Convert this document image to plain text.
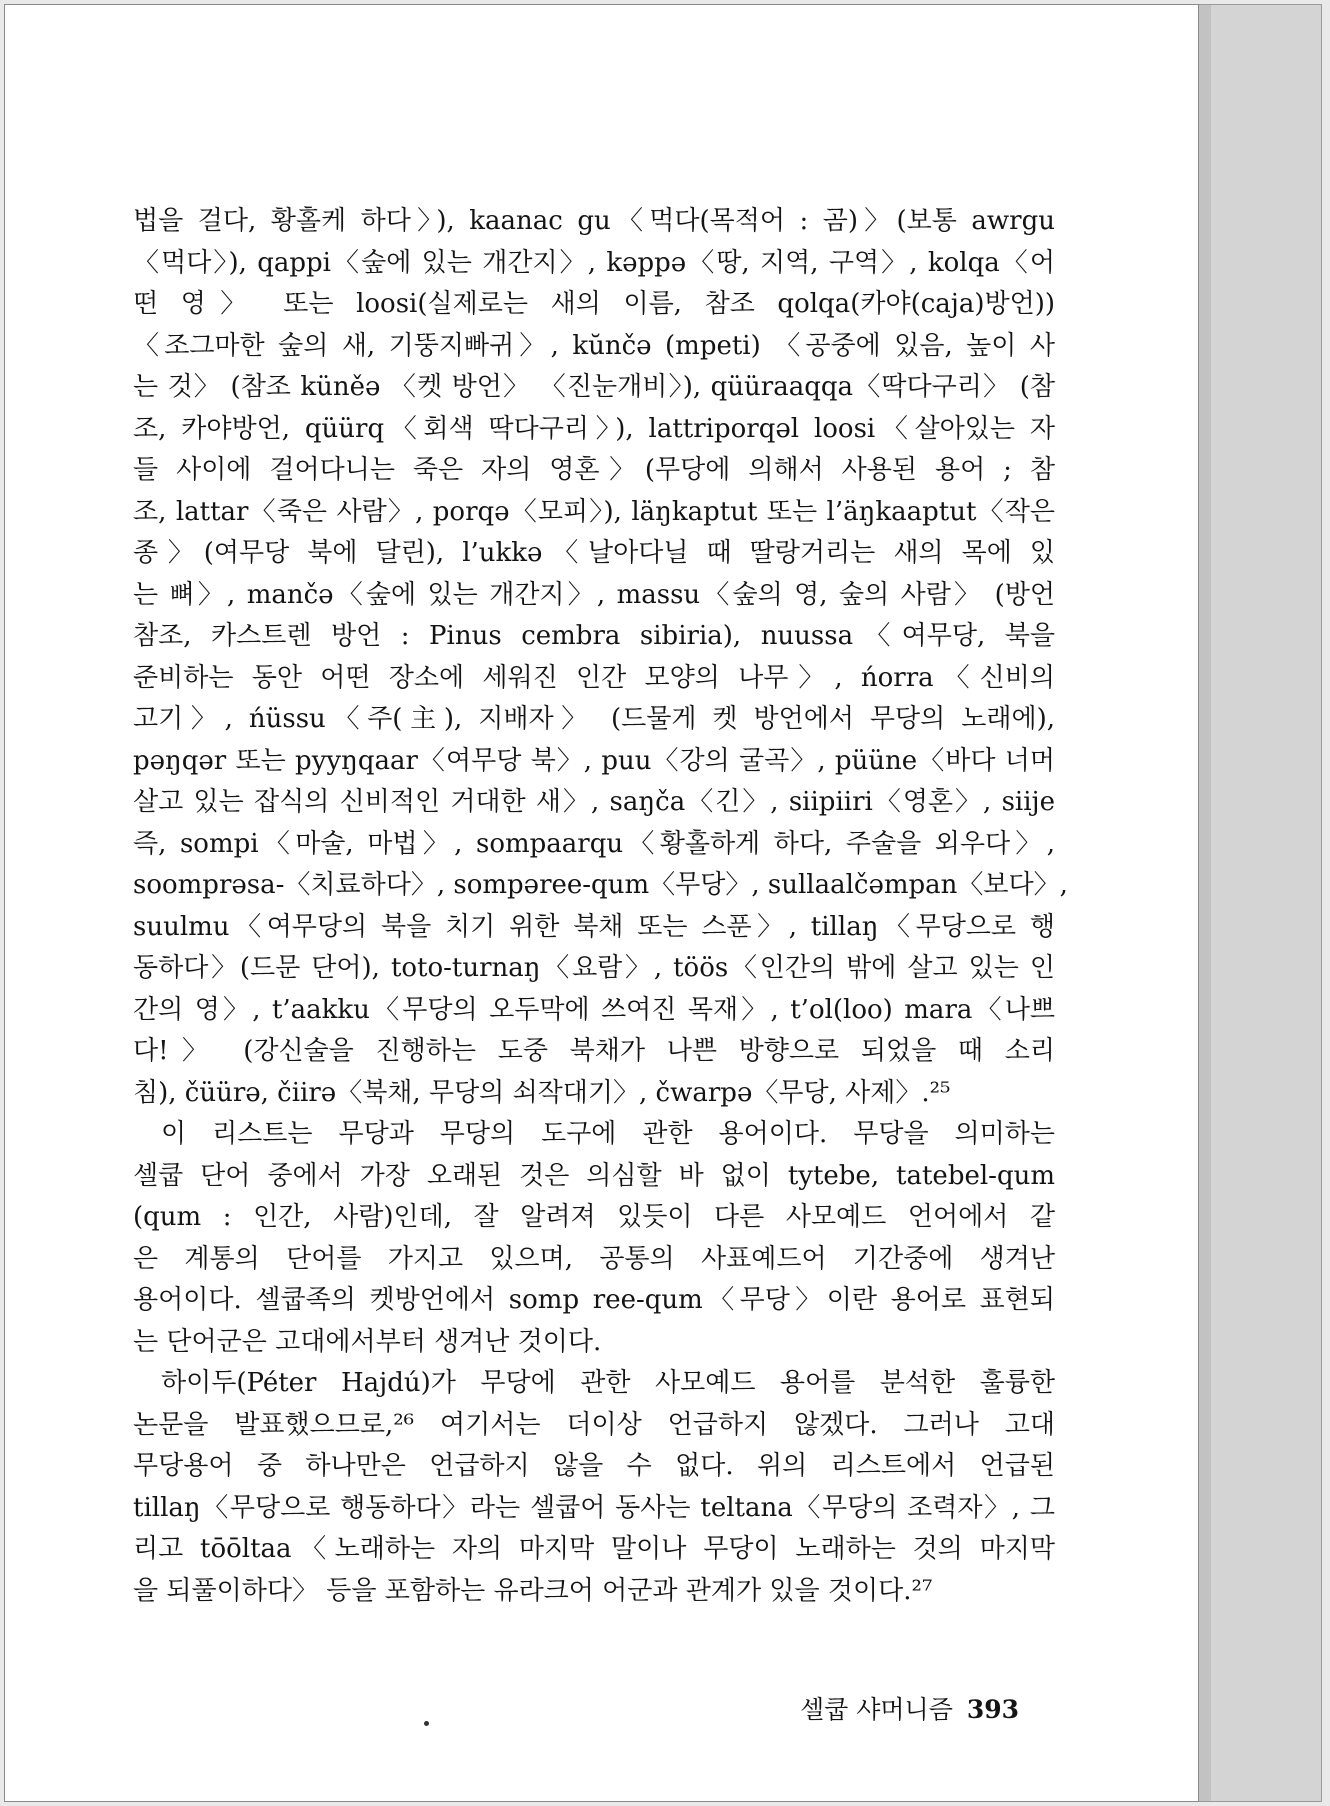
법을 걸다, 황홀케 하다〉), kaanac gu〈먹다(목적어 : 곰)〉(보통 awrgu
〈먹다〉), qappi〈숲에 있는 개간지〉, kəppə〈땅, 지역, 구역〉, kolqa〈어
떤 영〉 또는 loosi(실제로는 새의 이름, 참조 qolqa(카야(caja)방언))
〈조그마한 숲의 새, 기뚱지빠귀〉, kŭnčə (mpeti) 〈공중에 있음, 높이 사
는 것〉 (참조 küněə 〈켓 방언〉 〈진눈개비〉), qüüraaqqa〈딱다구리〉 (참
조, 카야방언, qüürq〈회색 딱다구리〉), lattriporqəl loosi〈살아있는 자
들 사이에 걸어다니는 죽은 자의 영혼〉(무당에 의해서 사용된 용어 ; 참
조, lattar〈죽은 사람〉, porqə〈모피〉), läŋkaptut 또는 l’äŋkaaptut〈작은
종〉(여무당 북에 달린), l’ukkə〈날아다닐 때 딸랑거리는 새의 목에 있
는 뼈〉, mančə〈숲에 있는 개간지〉, massu〈숲의 영, 숲의 사람〉 (방언
참조, 카스트렌 방언 : Pinus cembra sibiria), nuussa〈여무당, 북을
준비하는 동안 어떤 장소에 세워진 인간 모양의 나무〉, ńorra〈신비의
고기〉, ńüssu〈주(主), 지배자〉 (드물게 켓 방언에서 무당의 노래에),
pəŋqər 또는 pyyŋqaar〈여무당 북〉, puu〈강의 굴곡〉, püüne〈바다 너머
살고 있는 잡식의 신비적인 거대한 새〉, saŋča〈긴〉, siipiiri〈영혼〉, siije
즉, sompi〈마술, 마법〉, sompaarqu〈황홀하게 하다, 주술을 외우다〉,
soomprəsa-〈치료하다〉, sompəree-qum〈무당〉, sullaalčəmpan〈보다〉,
suulmu〈여무당의 북을 치기 위한 북채 또는 스푼〉, tillaŋ〈무당으로 행
동하다〉(드문 단어), toto-turnaŋ〈요람〉, töös〈인간의 밖에 살고 있는 인
간의 영〉, t’aakku〈무당의 오두막에 쓰여진 목재〉, t’ol(loo) mara〈나쁘
다!〉 (강신술을 진행하는 도중 북채가 나쁜 방향으로 되었을 때 소리
침), čüürə, čiirə〈북채, 무당의 쇠작대기〉, čwarpə〈무당, 사제〉.²⁵
이 리스트는 무당과 무당의 도구에 관한 용어이다. 무당을 의미하는
셀쿱 단어 중에서 가장 오래된 것은 의심할 바 없이 tytebe, tatebel-qum
(qum : 인간, 사람)인데, 잘 알려져 있듯이 다른 사모예드 언어에서 같
은 계통의 단어를 가지고 있으며, 공통의 사표예드어 기간중에 생겨난
용어이다. 셀쿱족의 켓방언에서 somp ree-qum〈무당〉이란 용어로 표현되
는 단어군은 고대에서부터 생겨난 것이다.
하이두(Péter Hajdú)가 무당에 관한 사모예드 용어를 분석한 훌륭한
논문을 발표했으므로,²⁶ 여기서는 더이상 언급하지 않겠다. 그러나 고대
무당용어 중 하나만은 언급하지 않을 수 없다. 위의 리스트에서 언급된
tillaŋ〈무당으로 행동하다〉라는 셀쿱어 동사는 teltana〈무당의 조력자〉, 그
리고 tōōltaa〈노래하는 자의 마지막 말이나 무당이 노래하는 것의 마지막
을 되풀이하다〉 등을 포함하는 유라크어 어군과 관계가 있을 것이다.²⁷
셀쿱 샤머니즘 393
